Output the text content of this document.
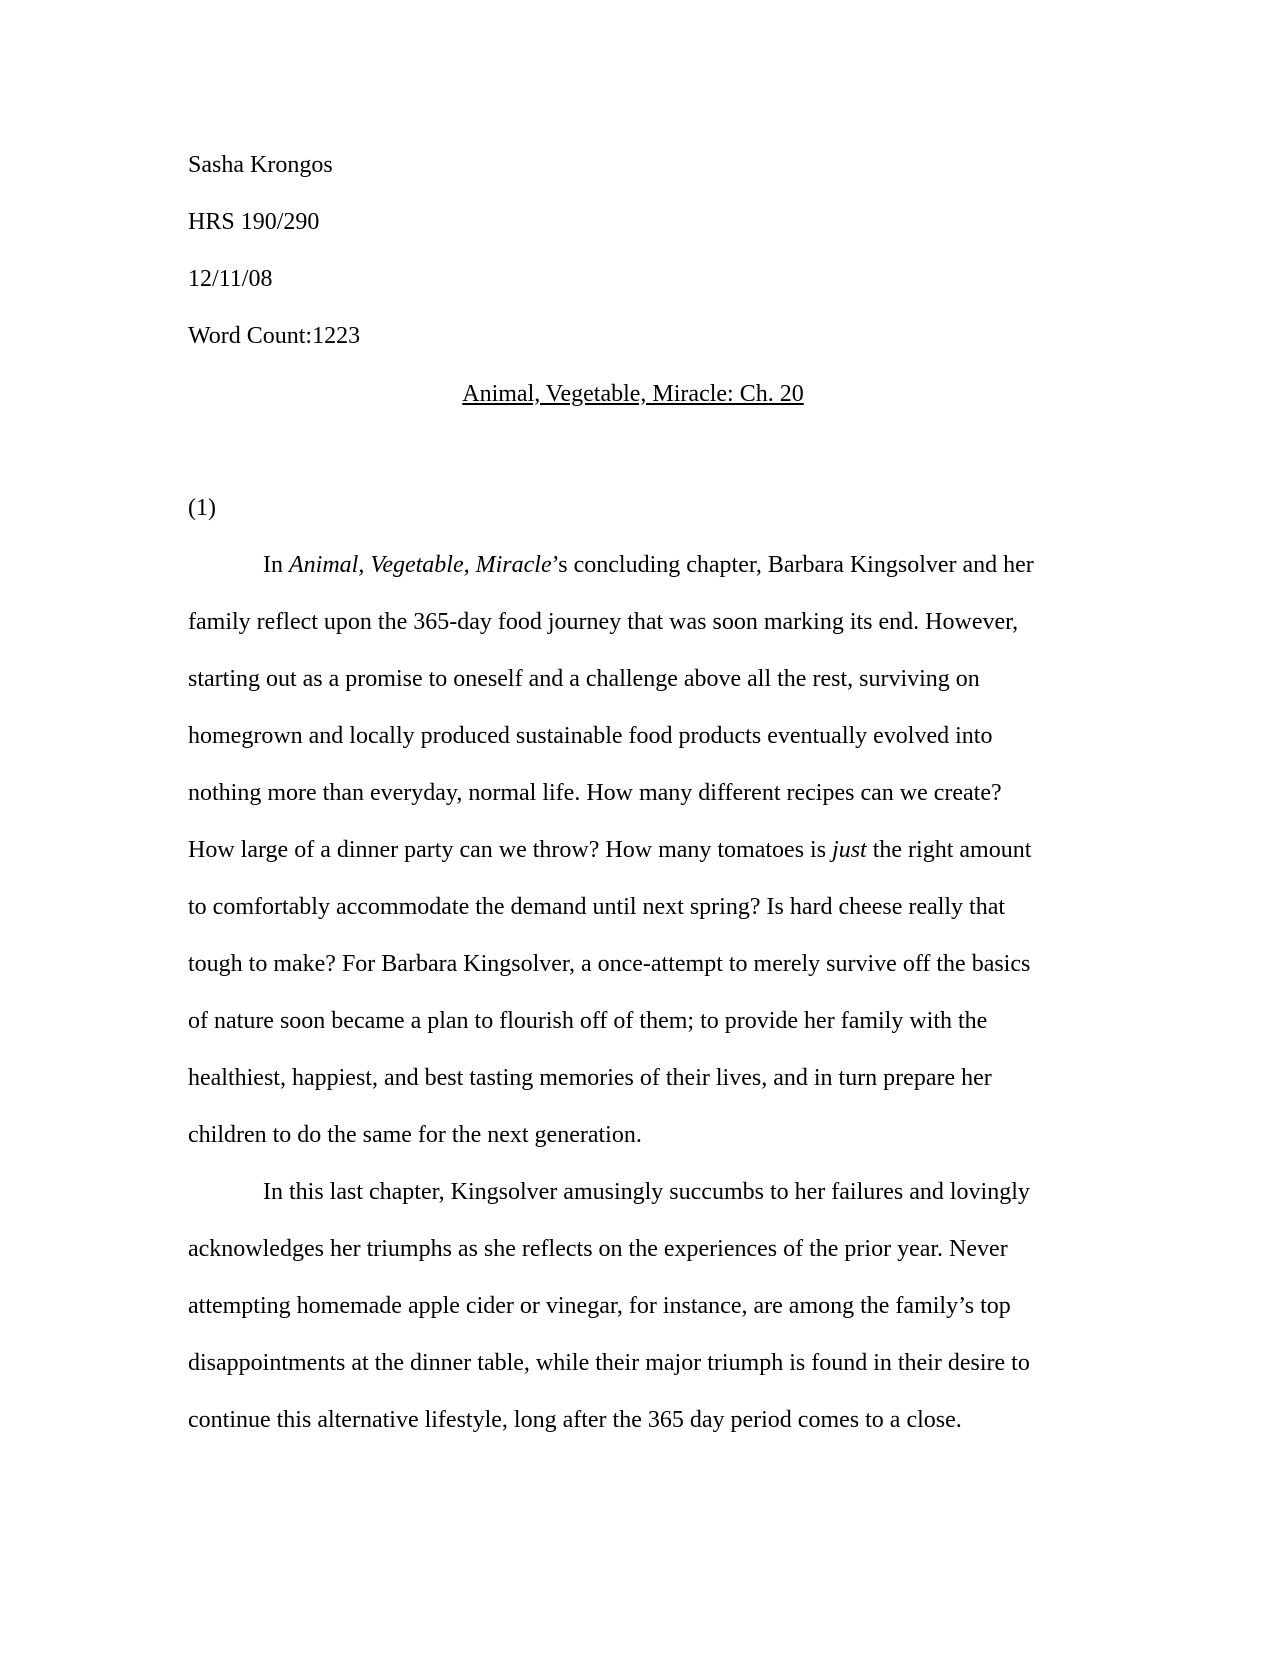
Sasha Krongos
HRS 190/290
12/11/08
Word Count:1223
Animal, Vegetable, Miracle: Ch. 20
(1)
In Animal, Vegetable, Miracle’s concluding chapter, Barbara Kingsolver and her
family reflect upon the 365-day food journey that was soon marking its end. However,
starting out as a promise to oneself and a challenge above all the rest, surviving on
homegrown and locally produced sustainable food products eventually evolved into
nothing more than everyday, normal life. How many different recipes can we create?
How large of a dinner party can we throw? How many tomatoes is just the right amount
to comfortably accommodate the demand until next spring? Is hard cheese really that
tough to make? For Barbara Kingsolver, a once-attempt to merely survive off the basics
of nature soon became a plan to flourish off of them; to provide her family with the
healthiest, happiest, and best tasting memories of their lives, and in turn prepare her
children to do the same for the next generation.
In this last chapter, Kingsolver amusingly succumbs to her failures and lovingly
acknowledges her triumphs as she reflects on the experiences of the prior year. Never
attempting homemade apple cider or vinegar, for instance, are among the family’s top
disappointments at the dinner table, while their major triumph is found in their desire to
continue this alternative lifestyle, long after the 365 day period comes to a close.
